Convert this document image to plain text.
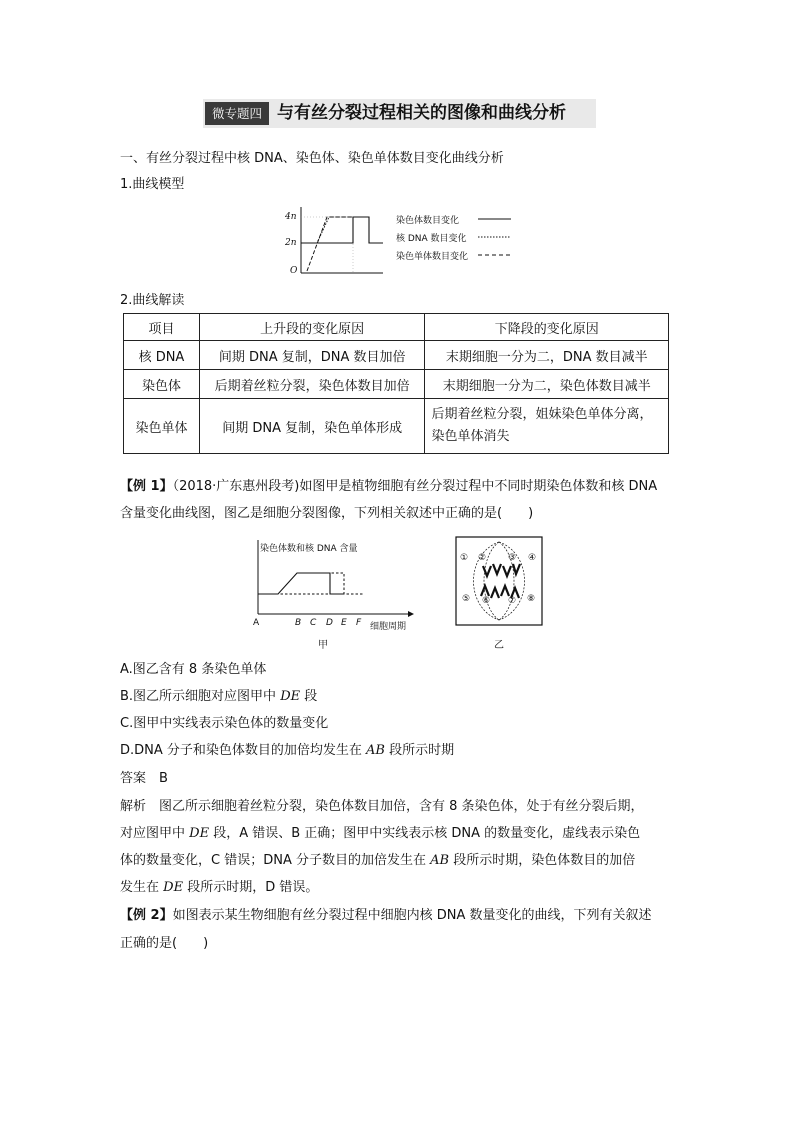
微专题四 与有丝分裂过程相关的图像和曲线分析
一、有丝分裂过程中核 DNA、染色体、染色单体数目变化曲线分析
1.曲线模型
4n
2n
O
染色体数目变化
核 DNA 数目变化
染色单体数目变化
2.曲线解读
项目	上升段的变化原因	下降段的变化原因
核 DNA	间期 DNA 复制，DNA 数目加倍	末期细胞一分为二，DNA 数目减半
染色体	后期着丝粒分裂，染色体数目加倍	末期细胞一分为二，染色体数目减半
染色单体	间期 DNA 复制，染色单体形成	后期着丝粒分裂，姐妹染色单体分离，染色单体消失
【例 1】（2018·广东惠州段考)如图甲是植物细胞有丝分裂过程中不同时期染色体数和核 DNA
含量变化曲线图，图乙是细胞分裂图像，下列相关叙述中正确的是(　　)
染色体数和核 DNA 含量
A	B C D E F 细胞周期
甲
① ② ③ ④
⑤ ⑥ ⑦ ⑧
乙
A.图乙含有 8 条染色单体
B.图乙所示细胞对应图甲中 DE 段
C.图甲中实线表示染色体的数量变化
D.DNA 分子和染色体数目的加倍均发生在 AB 段所示时期
答案　B
解析　图乙所示细胞着丝粒分裂，染色体数目加倍，含有 8 条染色体，处于有丝分裂后期，
对应图甲中 DE 段，A 错误、B 正确；图甲中实线表示核 DNA 的数量变化，虚线表示染色
体的数量变化，C 错误；DNA 分子数目的加倍发生在 AB 段所示时期，染色体数目的加倍
发生在 DE 段所示时期，D 错误。
【例 2】如图表示某生物细胞有丝分裂过程中细胞内核 DNA 数量变化的曲线，下列有关叙述
正确的是(　　)
